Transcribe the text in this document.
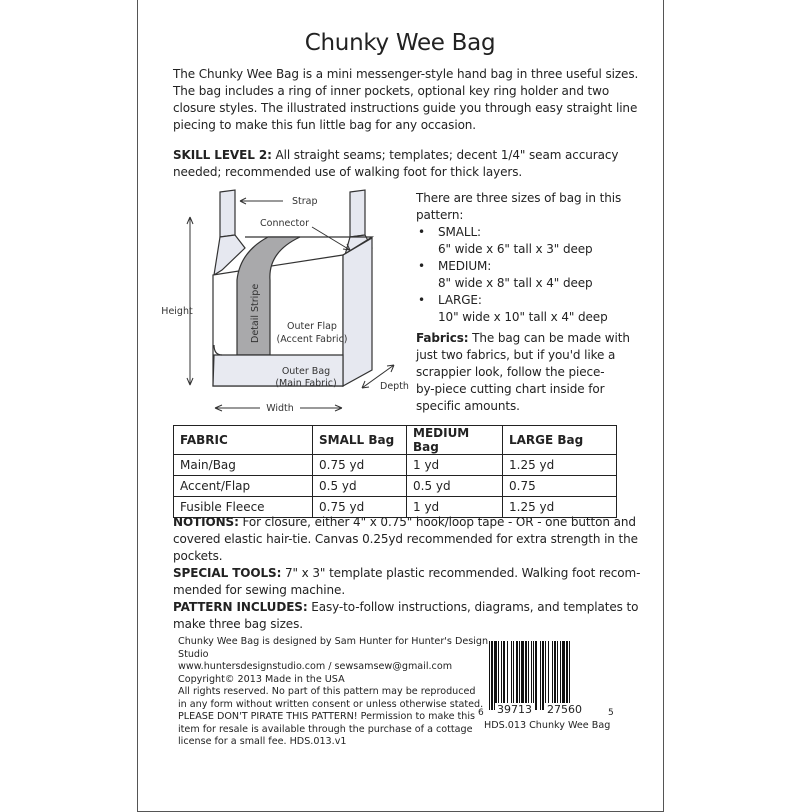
Chunky Wee Bag
The Chunky Wee Bag is a mini messenger-style hand bag in three useful sizes.
The bag includes a ring of inner pockets, optional key ring holder and two
closure styles. The illustrated instructions guide you through easy straight line
piecing to make this fun little bag for any occasion.
SKILL LEVEL 2: All straight seams; templates; decent 1/4" seam accuracy
needed; recommended use of walking foot for thick layers.
Strap
Connector
Height	Detail Stripe	Outer Flap
(Accent Fabric)
Outer Bag
(Main Fabric)	Depth
Width
There are three sizes of bag in this
pattern:
• SMALL:
6" wide x 6" tall x 3" deep
• MEDIUM:
8" wide x 8" tall x 4" deep
• LARGE:
10" wide x 10" tall x 4" deep
Fabrics: The bag can be made with
just two fabrics, but if you'd like a
scrappier look, follow the piece-
by-piece cutting chart inside for
specific amounts.
FABRIC	SMALL Bag	MEDIUM Bag	LARGE Bag
Main/Bag	0.75 yd	1 yd	1.25 yd
Accent/Flap	0.5 yd	0.5 yd	0.75
Fusible Fleece	0.75 yd	1 yd	1.25 yd
NOTIONS: For closure, either 4" x 0.75" hook/loop tape - OR - one button and
covered elastic hair-tie. Canvas 0.25yd recommended for extra strength in the
pockets.
SPECIAL TOOLS: 7" x 3" template plastic recommended. Walking foot recom-
mended for sewing machine.
PATTERN INCLUDES: Easy-to-follow instructions, diagrams, and templates to
make three bag sizes.
Chunky Wee Bag is designed by Sam Hunter for Hunter's Design
Studio
www.huntersdesignstudio.com / sewsamsew@gmail.com
Copyright© 2013 Made in the USA
All rights reserved. No part of this pattern may be reproduced
in any form without written consent or unless otherwise stated.
PLEASE DON'T PIRATE THIS PATTERN! Permission to make this
item for resale is available through the purchase of a cottage
license for a small fee. HDS.013.v1
6 39713 27560	5
HDS.013 Chunky Wee Bag
